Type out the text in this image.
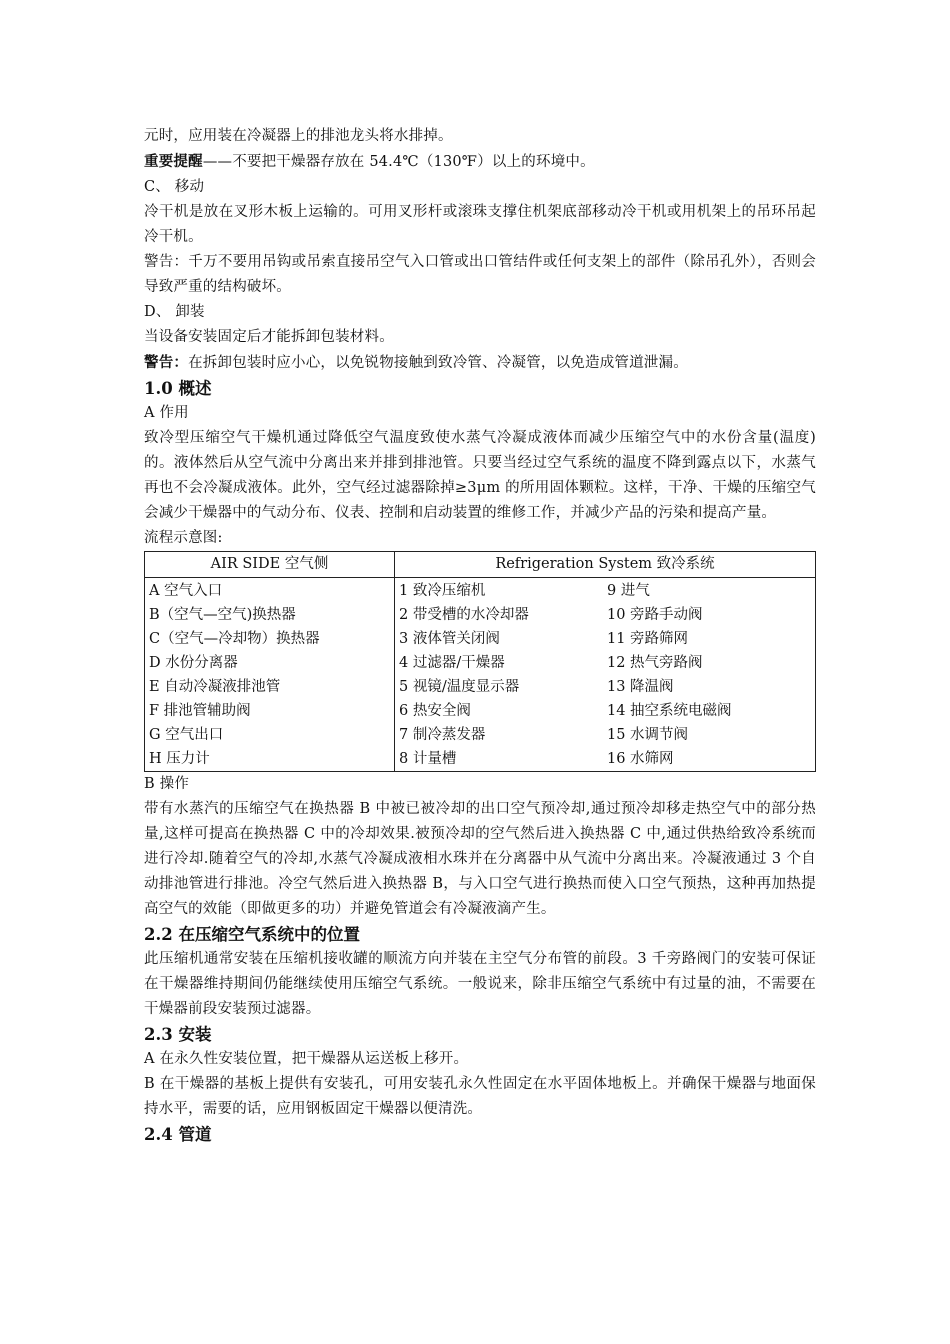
元时，应用装在冷凝器上的排池龙头将水排掉。

重要提醒——不要把干燥器存放在 54.4℃（130℉）以上的环境中。

C、 移动

冷干机是放在叉形木板上运输的。可用叉形杆或滚珠支撑住机架底部移动冷干机或用机架上的吊环吊起冷干机。

警告：千万不要用吊钩或吊索直接吊空气入口管或出口管结件或任何支架上的部件（除吊孔外），否则会导致严重的结构破坏。

D、 卸装

当设备安装固定后才能拆卸包装材料。

警告：在拆卸包装时应小心，以免锐物接触到致冷管、冷凝管，以免造成管道泄漏。

1.0 概述

A 作用

致冷型压缩空气干燥机通过降低空气温度致使水蒸气冷凝成液体而减少压缩空气中的水份含量(温度)的。液体然后从空气流中分离出来并排到排池管。只要当经过空气系统的温度不降到露点以下，水蒸气再也不会冷凝成液体。此外，空气经过滤器除掉≥3μm 的所用固体颗粒。这样，干净、干燥的压缩空气会减少干燥器中的气动分布、仪表、控制和启动装置的维修工作，并减少产品的污染和提高产量。

流程示意图:

AIR SIDE 空气侧	Refrigeration System 致冷系统	
A 空气入口	1 致冷压缩机	9 进气
B（空气—空气)换热器	2 带受槽的水冷却器	10 旁路手动阀
C（空气—冷却物）换热器	3 液体管关闭阀	11 旁路筛网
D 水份分离器	4 过滤器/干燥器	12 热气旁路阀
E 自动冷凝液排池管	5 视镜/温度显示器	13 降温阀
F 排池管辅助阀	6 热安全阀	14 抽空系统电磁阀
G 空气出口	7 制冷蒸发器	15 水调节阀
H 压力计	8 计量槽	16 水筛网

B 操作

带有水蒸汽的压缩空气在换热器 B 中被已被冷却的出口空气预冷却,通过预冷却移走热空气中的部分热量,这样可提高在换热器 C 中的冷却效果.被预冷却的空气然后进入换热器 C 中,通过供热给致冷系统而进行冷却.随着空气的冷却,水蒸气冷凝成液相水珠并在分离器中从气流中分离出来。冷凝液通过 3 个自动排池管进行排池。冷空气然后进入换热器 B，与入口空气进行换热而使入口空气预热，这种再加热提高空气的效能（即做更多的功）并避免管道会有冷凝液滴产生。

2.2 在压缩空气系统中的位置

此压缩机通常安装在压缩机接收罐的顺流方向并装在主空气分布管的前段。3 千旁路阀门的安装可保证在干燥器维持期间仍能继续使用压缩空气系统。一般说来，除非压缩空气系统中有过量的油，不需要在干燥器前段安装预过滤器。

2.3 安装

A 在永久性安装位置，把干燥器从运送板上移开。

B 在干燥器的基板上提供有安装孔，可用安装孔永久性固定在水平固体地板上。并确保干燥器与地面保持水平，需要的话，应用钢板固定干燥器以便清洗。

2.4 管道
